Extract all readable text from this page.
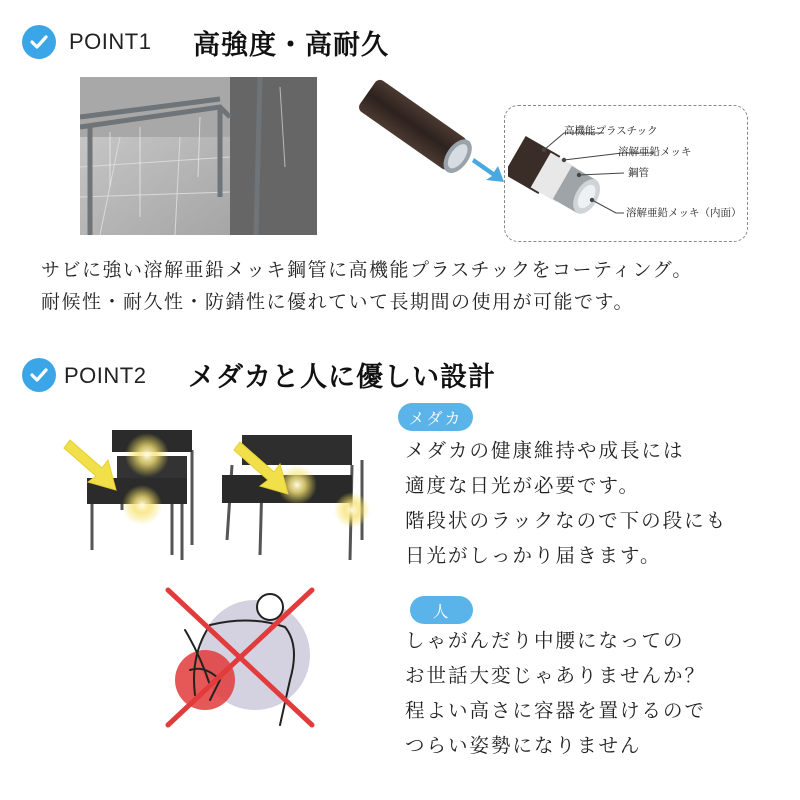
POINT1 高強度・高耐久
高機能プラスチック
溶解亜鉛メッキ
鋼管
溶解亜鉛メッキ（内面）
サビに強い溶解亜鉛メッキ鋼管に高機能プラスチックをコーティング。
耐候性・耐久性・防錆性に優れていて長期間の使用が可能です。
POINT2 メダカと人に優しい設計
メダカ
メダカの健康維持や成長には
適度な日光が必要です。
階段状のラックなので下の段にも
日光がしっかり届きます。
人
しゃがんだり中腰になっての
お世話大変じゃありませんか？
程よい高さに容器を置けるので
つらい姿勢になりません
